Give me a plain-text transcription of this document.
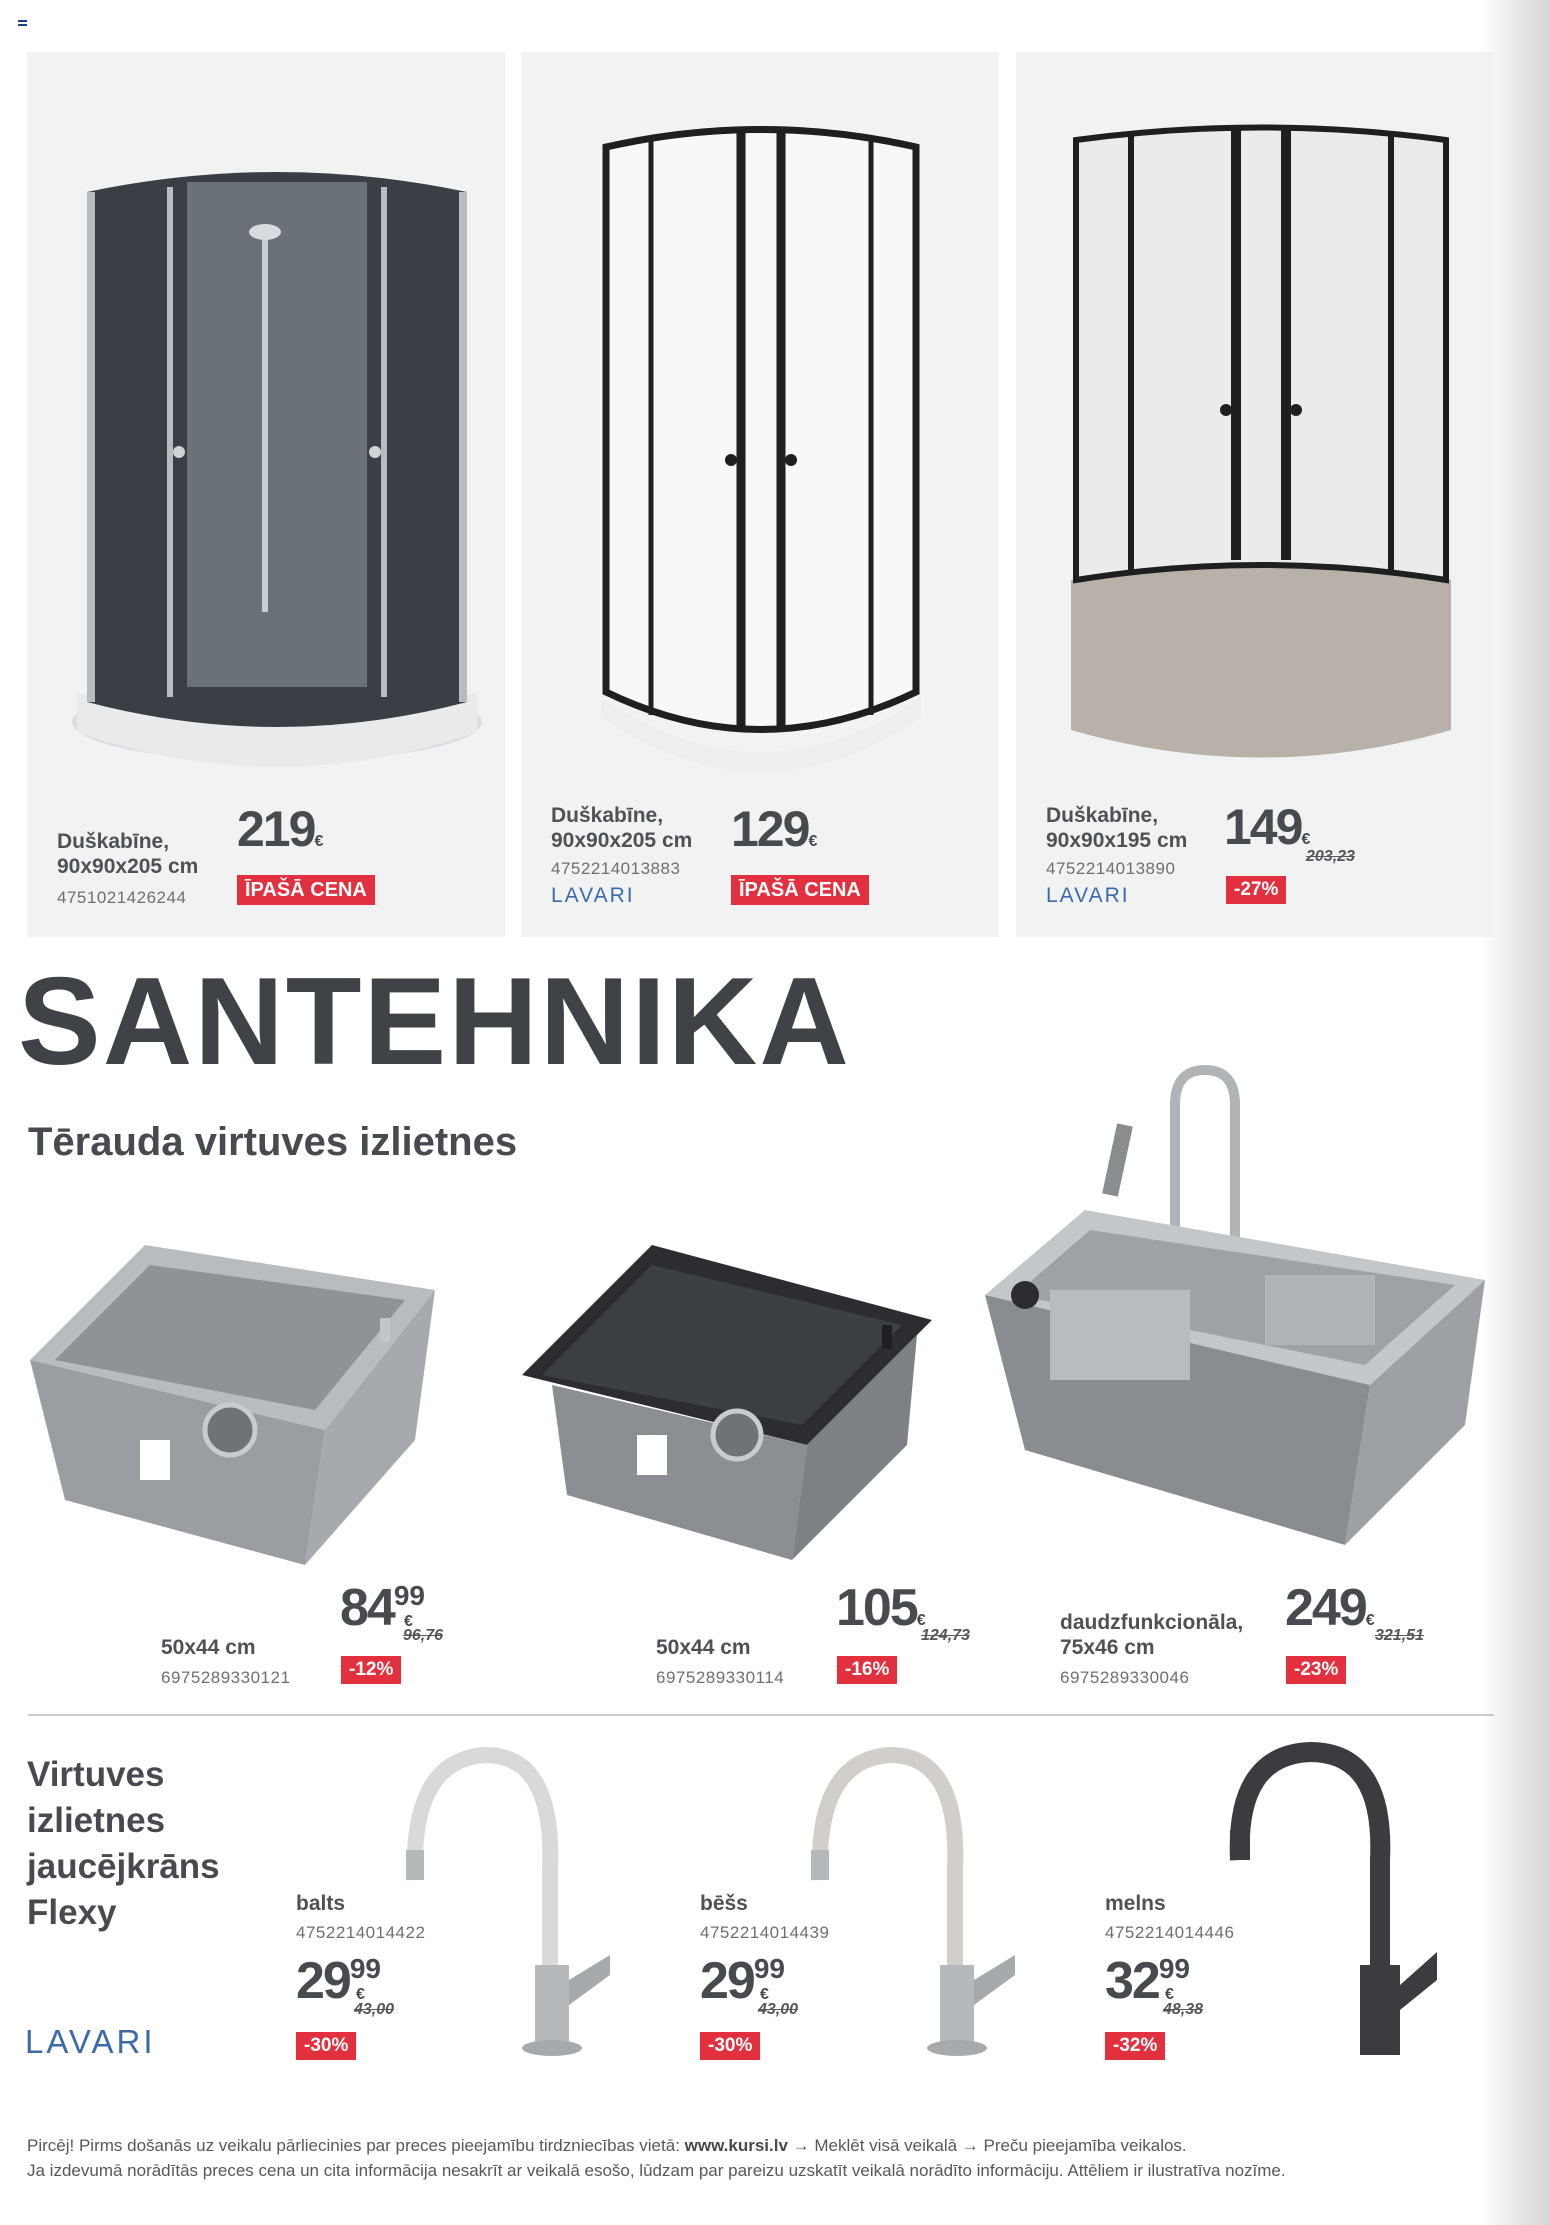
Duškabīne,
90x90x205 cm
4751021426244
219€
ĪPAŠĀ CENA
Duškabīne,
90x90x205 cm
4752214013883
LAVARI
129€
ĪPAŠĀ CENA
Duškabīne,
90x90x195 cm
4752214013890
LAVARI
149€
203,23
-27%
SANTEHNIKA
Tērauda virtuves izlietnes
50x44 cm
6975289330121
$84^{99}$
€
96,76
-12%
50x44 cm
6975289330114
105€
124,73
-16%
daudzfunkcionāla,
75x46 cm
6975289330046
249€
321,51
-23%
Virtuves
izlietnes
jaucējkrāns
Flexy
LAVARI
balts
4752214014422
$29^{99}$
€
43,00
-30%
bēšs
4752214014439
$29^{99}$
€
43,00
-30%
melns
4752214014446
$32^{99}$
€
48,38
-32%
Pircēj! Pirms došanās uz veikalu pārliecinies par preces pieejamību tirdzniecības vietā: www.kursi.lv → Meklēt visā veikalā → Preču pieejamība veikalos.
Ja izdevumā norādītās preces cena un cita informācija nesakrīt ar veikalā esošo, lūdzam par pareizu uzskatīt veikalā norādīto informāciju. Attēliem ir ilustratīva nozīme.
